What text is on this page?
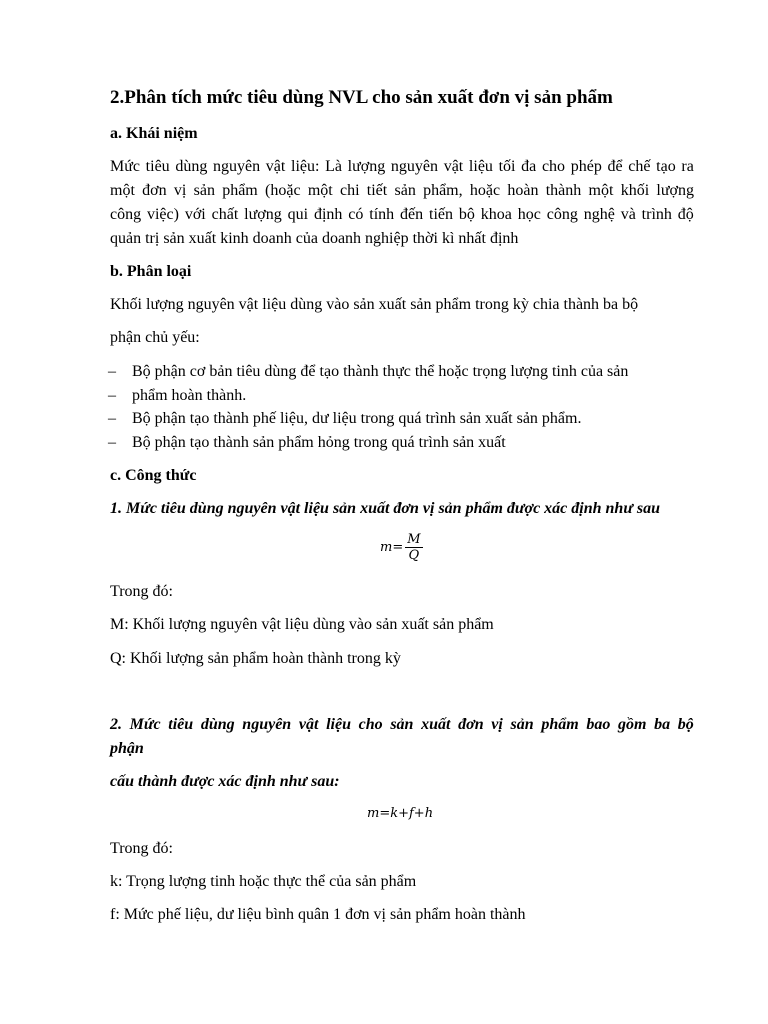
2.Phân tích mức tiêu dùng NVL cho sản xuất đơn vị sản phẩm
a. Khái niệm
Mức tiêu dùng nguyên vật liệu: Là lượng nguyên vật liệu tối đa cho phép để chế tạo ra
một đơn vị sản phẩm (hoặc một chi tiết sản phẩm, hoặc hoàn thành một khối lượng
công việc) với chất lượng qui định có tính đến tiến bộ khoa học công nghệ và trình độ
quản trị sản xuất kinh doanh của doanh nghiệp thời kì nhất định
b. Phân loại
Khối lượng nguyên vật liệu dùng vào sản xuất sản phẩm trong kỳ chia thành ba bộ
phận chủ yếu:
– Bộ phận cơ bản tiêu dùng để tạo thành thực thể hoặc trọng lượng tinh của sản
– phẩm hoàn thành.
– Bộ phận tạo thành phế liệu, dư liệu trong quá trình sản xuất sản phẩm.
– Bộ phận tạo thành sản phẩm hỏng trong quá trình sản xuất
c. Công thức
1. Mức tiêu dùng nguyên vật liệu sản xuất đơn vị sản phẩm được xác định như sau
$m= \frac{M}{Q}$
Trong đó:
M: Khối lượng nguyên vật liệu dùng vào sản xuất sản phẩm
Q: Khối lượng sản phẩm hoàn thành trong kỳ
2. Mức tiêu dùng nguyên vật liệu cho sản xuất đơn vị sản phẩm bao gồm ba bộ
phận
cấu thành được xác định như sau:
m=k+f+h
Trong đó:
k: Trọng lượng tinh hoặc thực thể của sản phẩm
f: Mức phế liệu, dư liệu bình quân 1 đơn vị sản phẩm hoàn thành
